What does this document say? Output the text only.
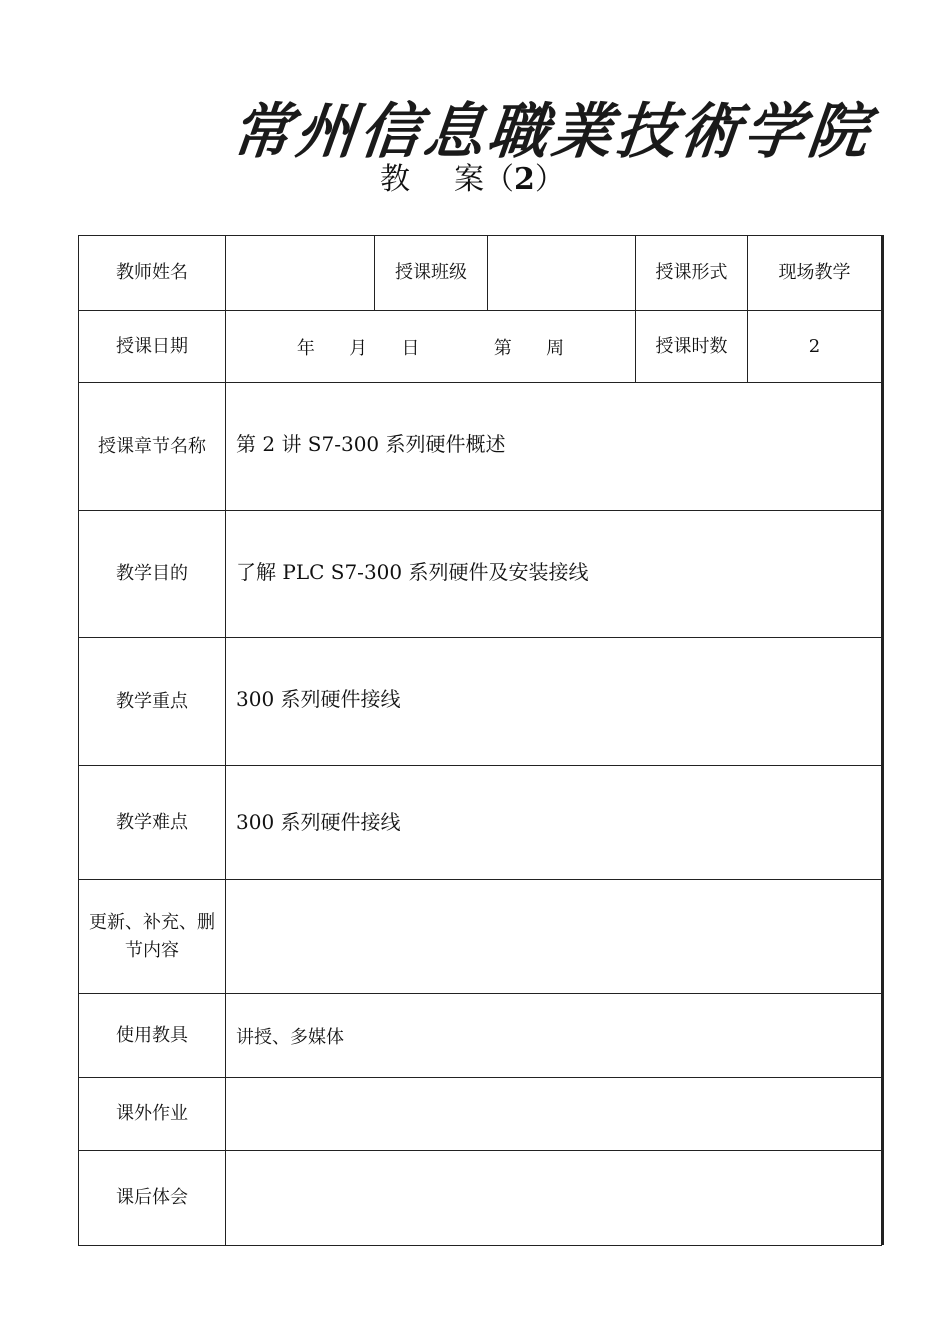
常州信息職業技術学院
教 案（2）
教师姓名		授课班级		授课形式	现场教学
授课日期	年      月      日             第      周			授课时数	2
授课章节名称	第 2 讲 S7-300 系列硬件概述				
教学目的	了解 PLC S7-300 系列硬件及安装接线				
教学重点	300 系列硬件接线				
教学难点	300 系列硬件接线				

更新、补充、删
节内容					

使用教具	讲授、多媒体				
课外作业					
课后体会					
